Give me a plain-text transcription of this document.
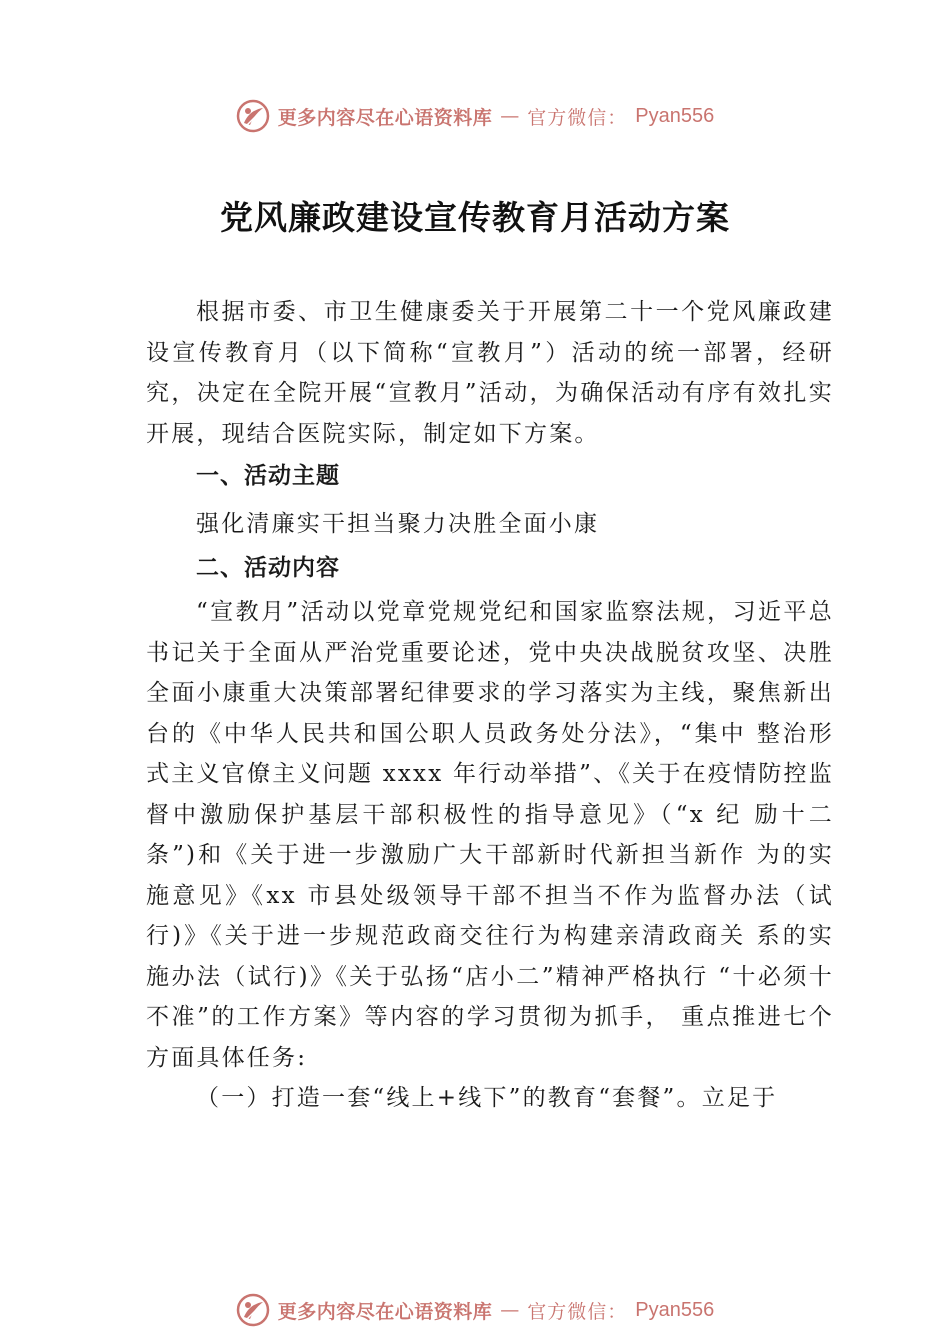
更多内容尽在心语资料库 — 官方微信： Pyan556
党风廉政建设宣传教育月活动方案

根据市委、市卫生健康委关于开展第二十一个党风廉政建设宣传教育月（以下简称“宣教月”）活动的统一部署，经研究，决定在全院开展“宣教月”活动，为确保活动有序有效扎实开展，现结合医院实际，制定如下方案。

一、活动主题

强化清廉实干担当聚力决胜全面小康

二、活动内容

“宣教月”活动以党章党规党纪和国家监察法规，习近平总书记关于全面从严治党重要论述，党中央决战脱贫攻坚、决胜全面小康重大决策部署纪律要求的学习落实为主线，聚焦新出台的《中华人民共和国公职人员政务处分法》，“集中 整治形式主义官僚主义问题 xxxx 年行动举措”、《关于在疫情防控监督中激励保护基层干部积极性的指导意见》（“x 纪 励十二条”)和《关于进一步激励广大干部新时代新担当新作 为的实施意见》《xx 市县处级领导干部不担当不作为监督办法（试行)》《关于进一步规范政商交往行为构建亲清政商关 系的实施办法（试行)》《关于弘扬“店小二”精神严格执行 “十必须十不准”的工作方案》等内容的学习贯彻为抓手， 重点推进七个方面具体任务:

（一）打造一套“线上+线下”的教育“套餐”。立足于

更多内容尽在心语资料库 — 官方微信： Pyan556
